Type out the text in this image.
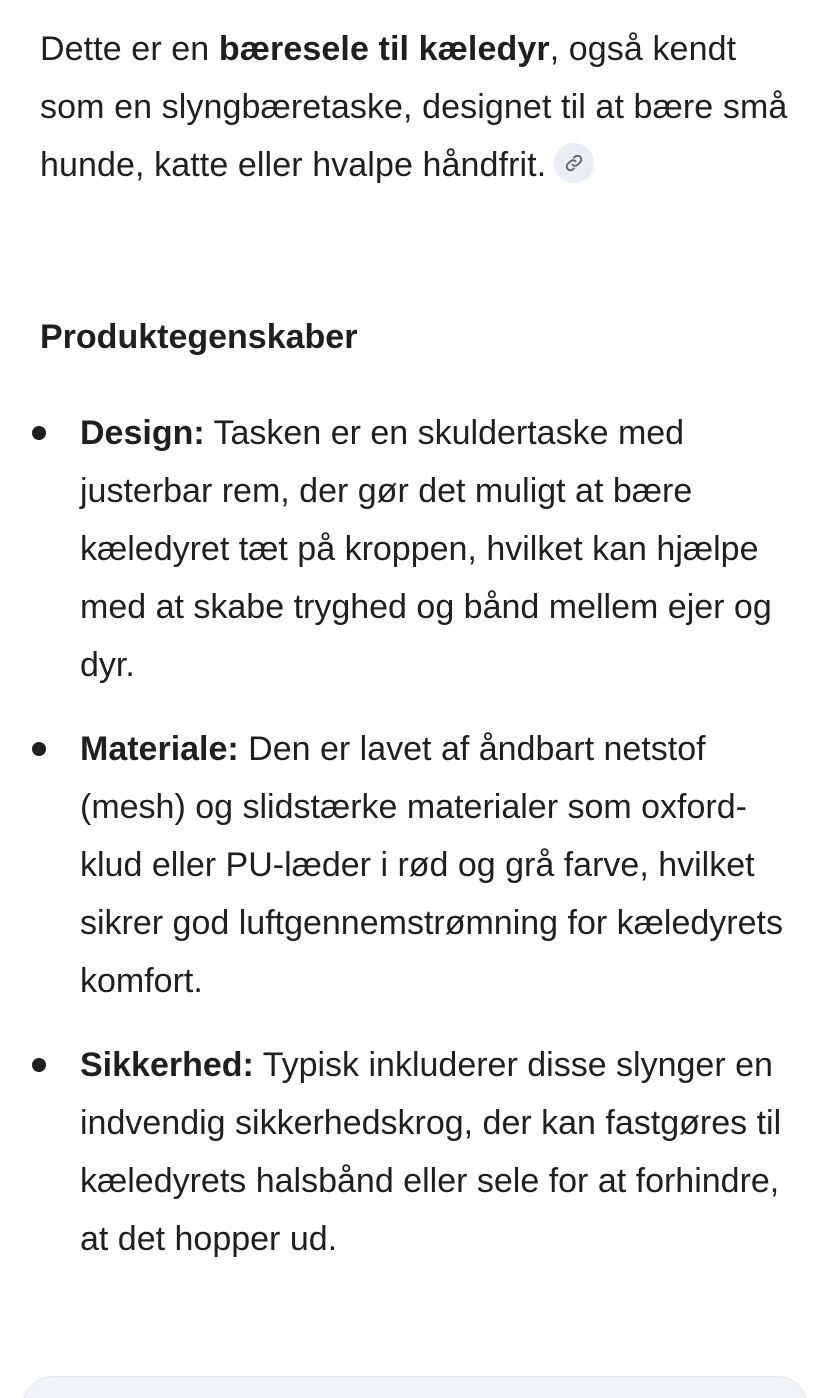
Dette er en bæresele til kæledyr, også kendt som en slyngbæretaske, designet til at bære små hunde, katte eller hvalpe håndfrit.

Produktegenskaber
Design: Tasken er en skuldertaske med justerbar rem, der gør det muligt at bære kæledyret tæt på kroppen, hvilket kan hjælpe med at skabe tryghed og bånd mellem ejer og dyr.
Materiale: Den er lavet af åndbart netstof (mesh) og slidstærke materialer som oxford-klud eller PU-læder i rød og grå farve, hvilket sikrer god luftgennemstrømning for kæledyrets komfort.
Sikkerhed: Typisk inkluderer disse slynger en indvendig sikkerhedskrog, der kan fastgøres til kæledyrets halsbånd eller sele for at forhindre, at det hopper ud.
